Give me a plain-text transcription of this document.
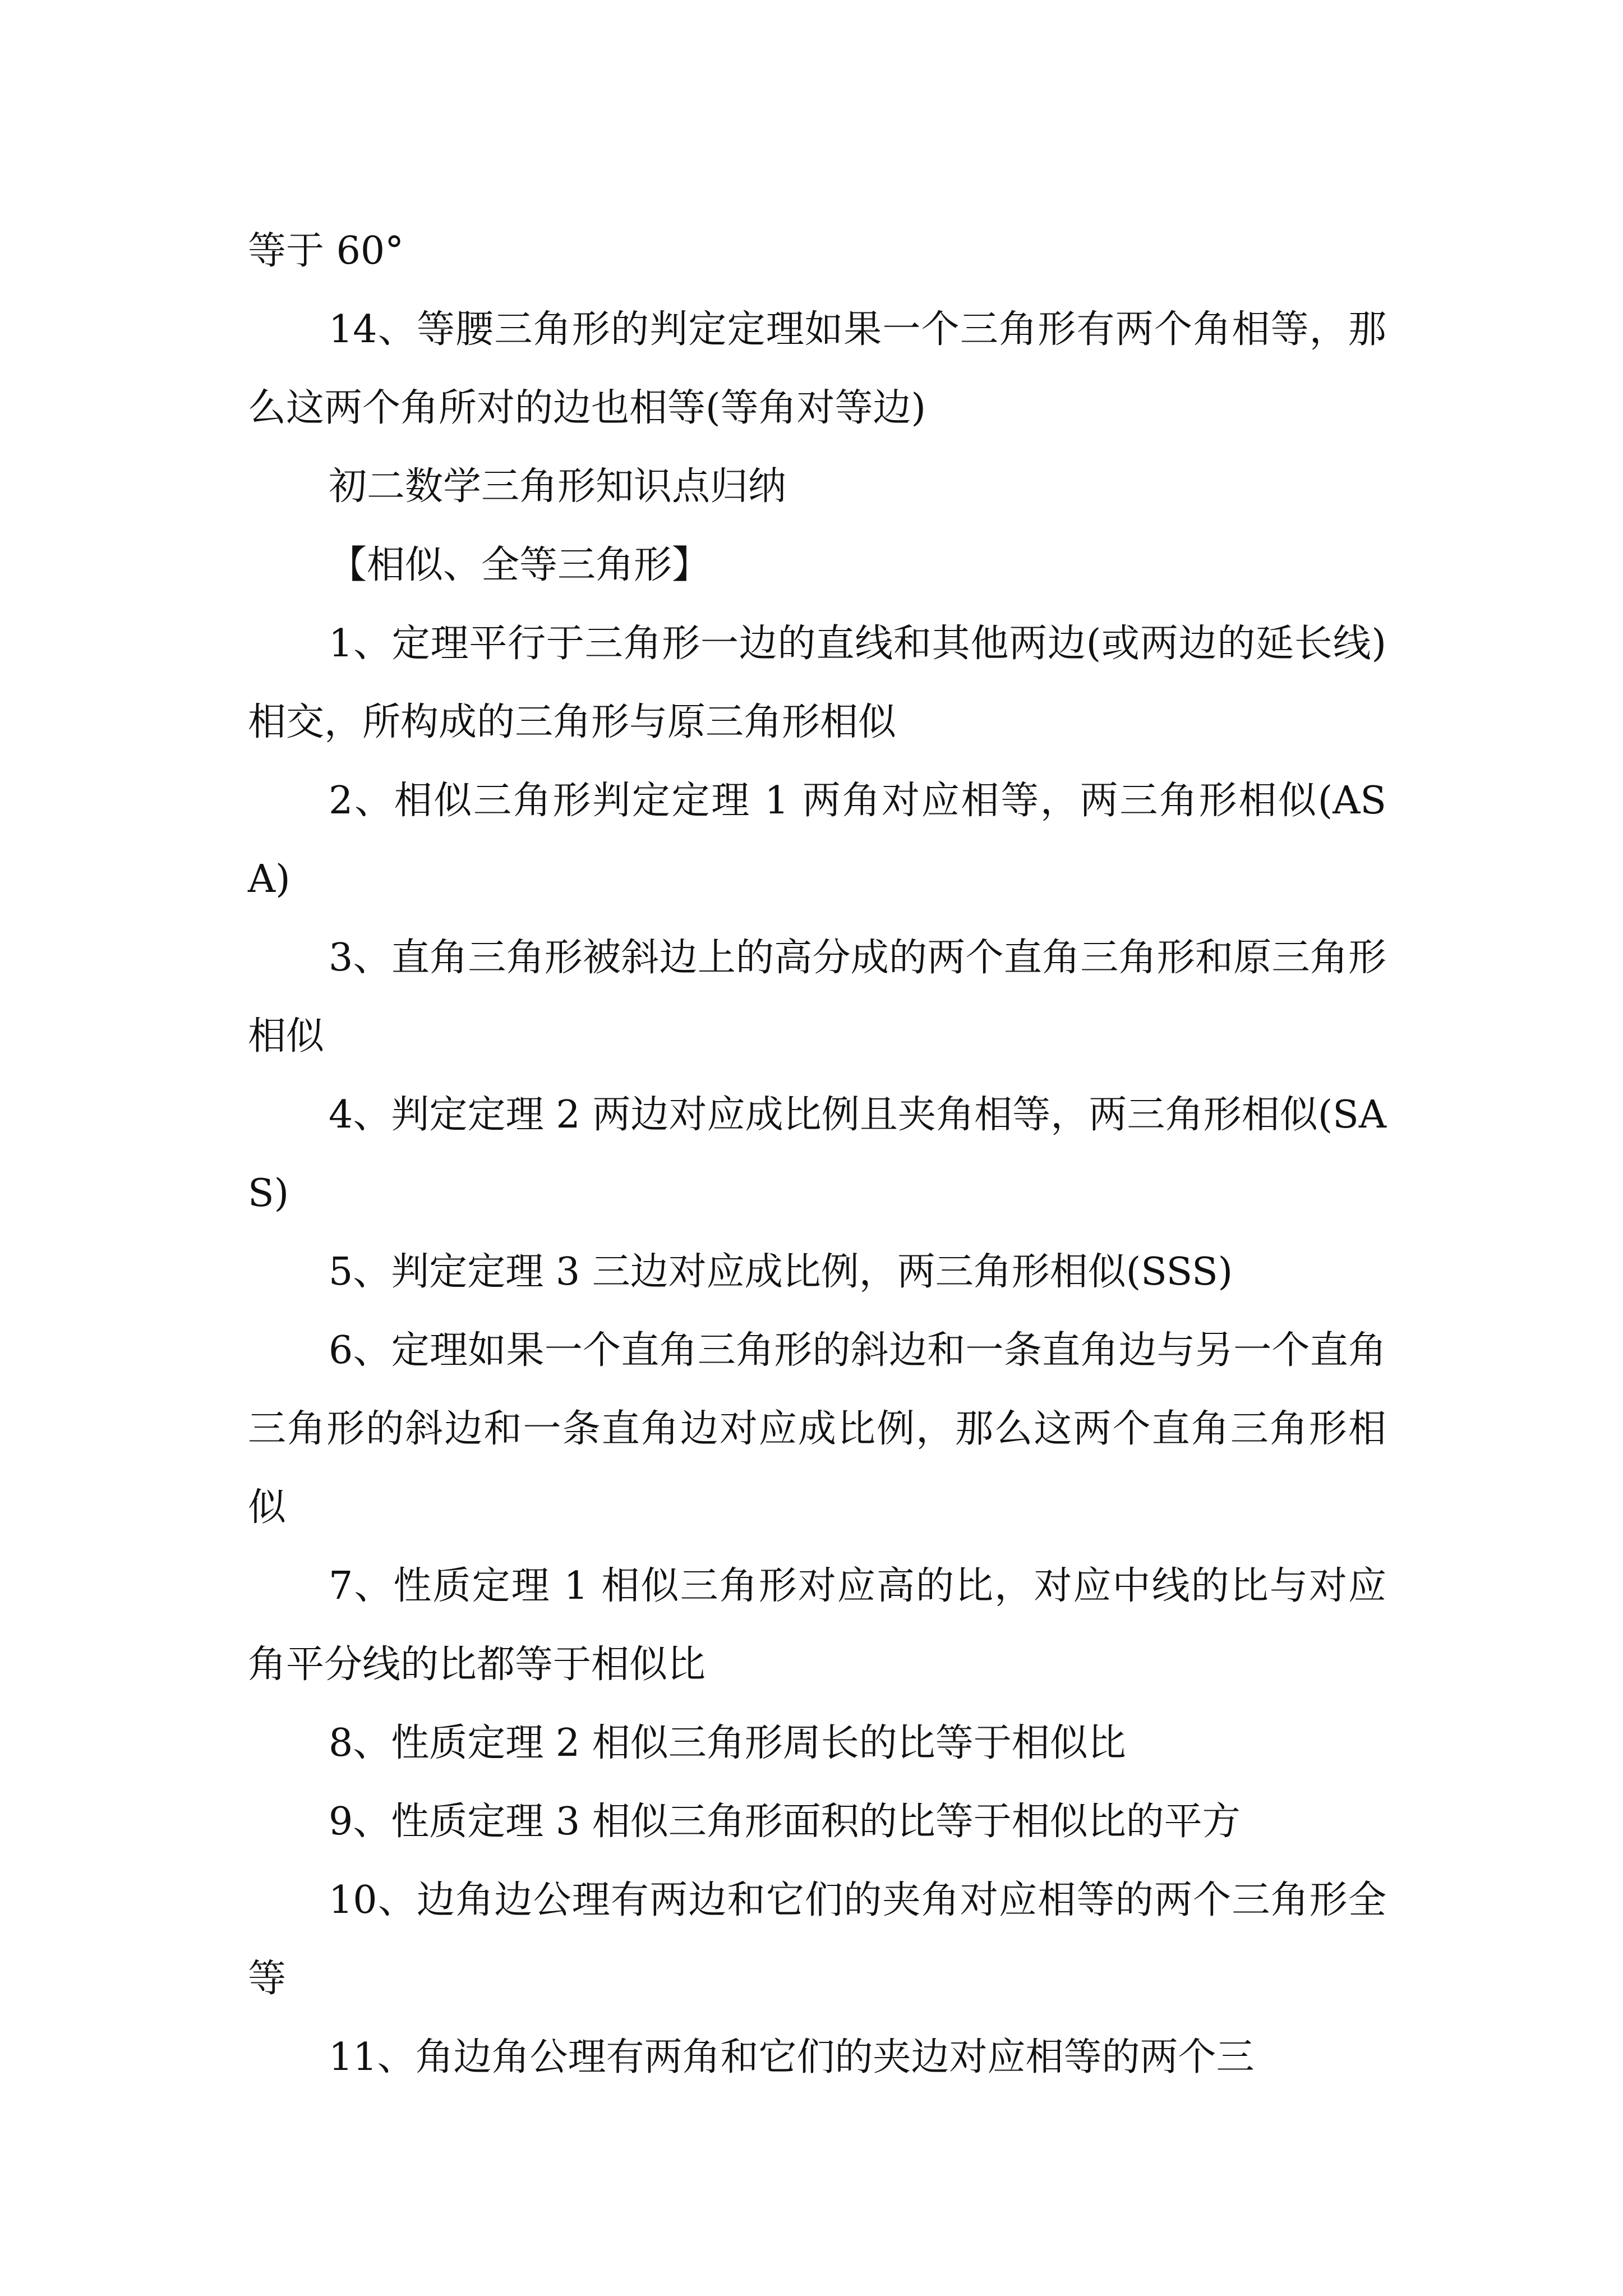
等于 60°

14、等腰三角形的判定定理如果一个三角形有两个角相等，那么这两个角所对的边也相等(等角对等边)

初二数学三角形知识点归纳

【相似、全等三角形】

1、定理平行于三角形一边的直线和其他两边(或两边的延长线)相交，所构成的三角形与原三角形相似

2、相似三角形判定定理 1 两角对应相等，两三角形相似(ASA)

3、直角三角形被斜边上的高分成的两个直角三角形和原三角形相似

4、判定定理 2 两边对应成比例且夹角相等，两三角形相似(SAS)

5、判定定理 3 三边对应成比例，两三角形相似(SSS)

6、定理如果一个直角三角形的斜边和一条直角边与另一个直角三角形的斜边和一条直角边对应成比例，那么这两个直角三角形相似

7、性质定理 1 相似三角形对应高的比，对应中线的比与对应角平分线的比都等于相似比

8、性质定理 2 相似三角形周长的比等于相似比

9、性质定理 3 相似三角形面积的比等于相似比的平方

10、边角边公理有两边和它们的夹角对应相等的两个三角形全等

11、角边角公理有两角和它们的夹边对应相等的两个三
